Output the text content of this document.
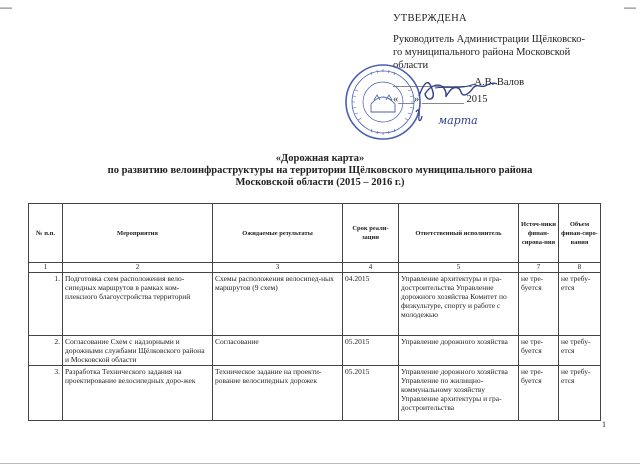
—	—
УТВЕРЖДЕНА
Руководитель Администрации Щёлковско-
го муниципального района Московской
области
_______________ А.В. Валов
«___» ________ 2015
марта
«Дорожная карта»
по развитию велоинфраструктуры на территории Щёлковского муниципального района
Московской области (2015 – 2016 г.)
№ п.п.	Мероприятия	Ожидаемые результаты	Срок реали-зации	Ответственный исполнитель	Источ-ники финан-сирова-ния	Объем финан-сиро-вания
1	2	3	4	5	7	8
1.	Подготовка схем расположения вело-сипедных маршрутов в рамках ком-плексного благоустройства территорий	Схемы расположения велосипед-ных маршрутов (9 схем)	04.2015	Управление архитектуры и гра-достроительства Управление дорожного хозяйства Комитет по физкультуре, спорту и работе с молодежью	не тре-буется	не требу-ется
2.	Согласование Схем с надзорными и дорожными службами Щёлковского района и Московской области	Согласование	05.2015	Управление дорожного хозяйства	не тре-буется	не требу-ется
3.	Разработка Технического задания на проектирование велосипедных доро-жек	Техническое задание на проекти-рование велосипедных дорожек	05.2015	Управление дорожного хозяйства Управление по жилищно-коммунальному хозяйству Управление архитектуры и гра-достроительства	не тре-буется	не требу-ется
1
